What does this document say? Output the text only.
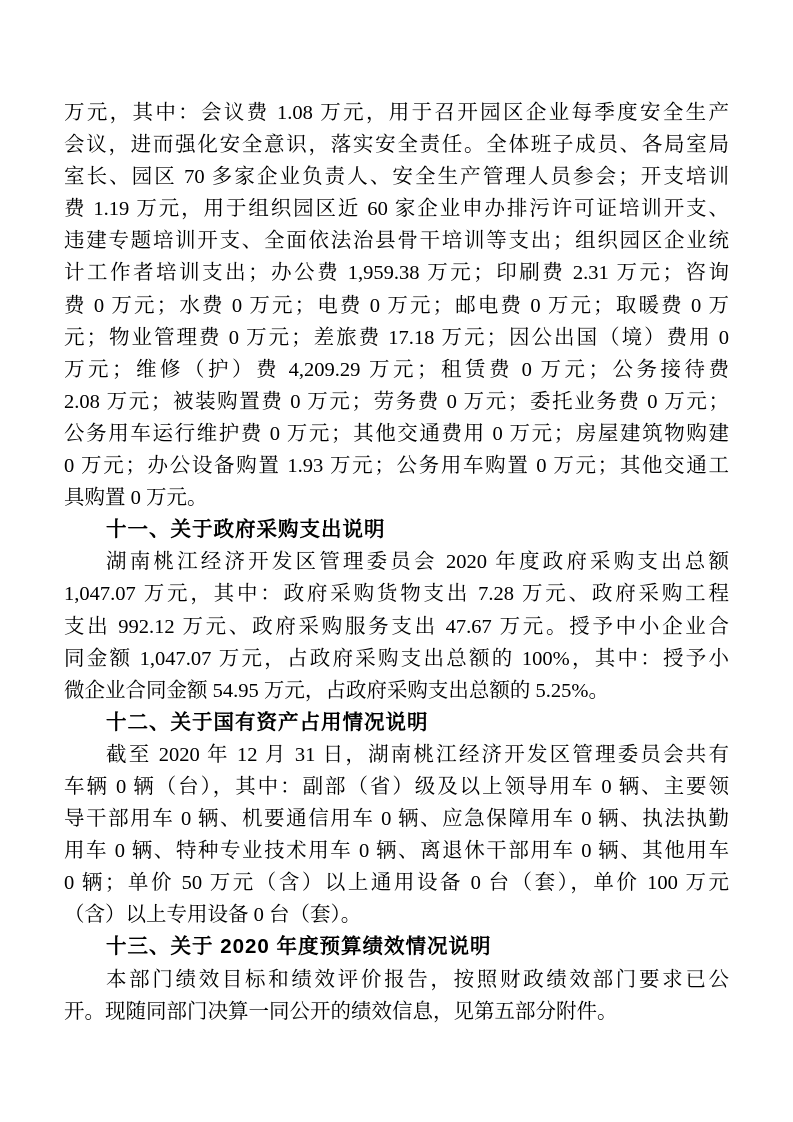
万元，其中：会议费 1.08 万元，用于召开园区企业每季度安全生产
会议，进而强化安全意识，落实安全责任。全体班子成员、各局室局
室长、园区 70 多家企业负责人、安全生产管理人员参会；开支培训
费 1.19 万元，用于组织园区近 60 家企业申办排污许可证培训开支、
违建专题培训开支、全面依法治县骨干培训等支出；组织园区企业统
计工作者培训支出；办公费 1,959.38 万元；印刷费 2.31 万元；咨询
费 0 万元；水费 0 万元；电费 0 万元；邮电费 0 万元；取暖费 0 万
元；物业管理费 0 万元；差旅费 17.18 万元；因公出国（境）费用 0
万元；维修（护）费 4,209.29 万元；租赁费 0 万元；公务接待费
2.08 万元；被装购置费 0 万元；劳务费 0 万元；委托业务费 0 万元；
公务用车运行维护费 0 万元；其他交通费用 0 万元；房屋建筑物购建
0 万元；办公设备购置 1.93 万元；公务用车购置 0 万元；其他交通工
具购置 0 万元。
十一、关于政府采购支出说明
湖南桃江经济开发区管理委员会 2020 年度政府采购支出总额
1,047.07 万元，其中：政府采购货物支出 7.28 万元、政府采购工程
支出 992.12 万元、政府采购服务支出 47.67 万元。授予中小企业合
同金额 1,047.07 万元，占政府采购支出总额的 100%，其中：授予小
微企业合同金额 54.95 万元，占政府采购支出总额的 5.25%。
十二、关于国有资产占用情况说明
截至 2020 年 12 月 31 日，湖南桃江经济开发区管理委员会共有
车辆 0 辆（台），其中：副部（省）级及以上领导用车 0 辆、主要领
导干部用车 0 辆、机要通信用车 0 辆、应急保障用车 0 辆、执法执勤
用车 0 辆、特种专业技术用车 0 辆、离退休干部用车 0 辆、其他用车
0 辆；单价 50 万元（含）以上通用设备 0 台（套），单价 100 万元
（含）以上专用设备 0 台（套）。
十三、关于 2020 年度预算绩效情况说明
本部门绩效目标和绩效评价报告，按照财政绩效部门要求已公
开。现随同部门决算一同公开的绩效信息，见第五部分附件。
